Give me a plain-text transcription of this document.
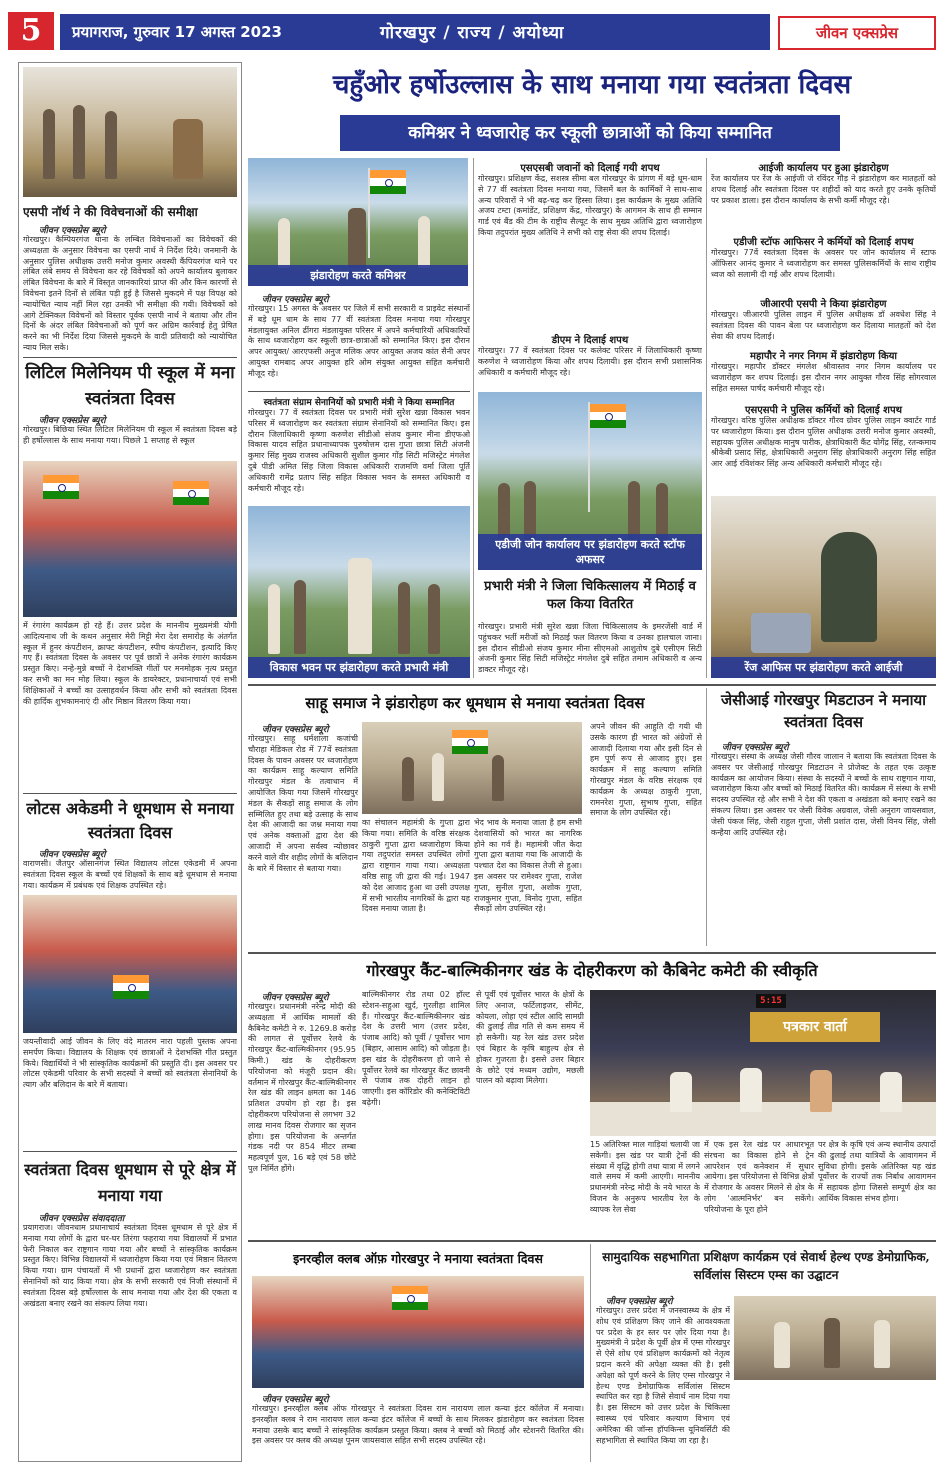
5	प्रयागराज, गुरुवार 17 अगस्त 2023	गोरखपुर / राज्य / अयोध्या	जीवन एक्सप्रेस
एसपी नॉर्थ ने की विवेचनाओं की समीक्षा
जीवन एक्सप्रेस ब्यूरो
गोरखपुर। कैम्पियरगंज थाना के लम्बित विवेचनाओं का विवेचकों की अध्यक्षता के अनुसार विवेचना का एसपी नार्थ ने निर्देश दिये। जनमानी के अनुसार पुलिस अधीक्षक उत्तरी मनोज कुमार अवस्थी कैंपियरगंज थाने पर लंबित लंबे समय से विवेचना कर रहे विवेचकों को अपने कार्यालय बुलाकर लंबित विवेचना के बारे में विस्तृत जानकारियां प्राप्त की और किन कारणों से विवेचना इतने दिनों से लंबित पड़ी हुई है जिससे मुकदमे में पक्ष विपक्ष को न्यायोचित न्याय नहीं मिल रहा उनकी भी समीक्षा की गयी। विवेचकों को आगे टेक्निकल विवेचनों को विस्तार पूर्वक एसपी नार्थ ने बताया और तीन दिनों के अंदर लंबित विवेचनाओं को पूर्ण कर अग्रिम कार्रवाई हेतु प्रेषित करने का भी निर्देश दिया जिससे मुकदमे के वादी प्रतिवादी को न्यायोचित न्याय मिल सके।
लिटिल मिलेनियम पी स्कूल में मना स्वतंत्रता दिवस
जीवन एक्सप्रेस ब्यूरो
गोरखपुर। बिछिया स्थित लिटिल मिलेनियम पी स्कूल में स्वतंत्रता दिवस बड़े ही हर्षोल्लास के साथ मनाया गया। पिछले 1 सप्ताह से स्कूल
में रंगारंग कार्यक्रम हो रहे हैं। उत्तर प्रदेश के माननीय मुख्यमंत्री योगी आदित्यनाथ जी के कथन अनुसार मेरी मिट्टी मेरा देश समारोह के अंतर्गत स्कूल में हुनर कंपटीशन, क्राफ्ट कंपटीशन, स्पीच कंपटीशन, इत्यादि किए गए हैं। स्वतंत्रता दिवस के अवसर पर पूर्व छात्रों ने अनेक रंगारंग कार्यक्रम प्रस्तुत किए। नन्हे-मुन्ने बच्चों ने देशभक्ति गीतों पर मनमोहक नृत्य प्रस्तुत कर सभी का मन मोह लिया। स्कूल के डायरेक्टर, प्रधानाचार्या एवं सभी शिक्षिकाओं ने बच्चों का उत्साहवर्धन किया और सभी को स्वतंत्रता दिवस की हार्दिक शुभकामनाएं दी और मिष्ठान वितरण किया गया।
लोटस अकेडमी ने धूमधाम से मनाया स्वतंत्रता दिवस
जीवन एक्सप्रेस ब्यूरो
वाराणसी। जैतपुर ऑसानगंज स्थित विद्यालय लोटस एकेडमी में अपना स्वतंत्रता दिवस स्कूल के बच्चों एवं शिक्षकों के साथ बड़े धूमधाम से मनाया गया। कार्यक्रम में प्रबंधक एवं शिक्षक उपस्थित रहे।
जयन्तीवादी आई जीवन के लिए वंदे मातरम नारा पहली पुस्तक अपना समर्पण किया। विद्यालय के शिक्षक एवं छात्राओं ने देशभक्ति गीत प्रस्तुत किये। विद्यार्थियों ने भी सांस्कृतिक कार्यक्रमों की प्रस्तुति दी। इस अवसर पर लोटस एकेडमी परिवार के सभी सदस्यों ने बच्चों को स्वतंत्रता सेनानियों के त्याग और बलिदान के बारे में बताया।
स्वतंत्रता दिवस धूमधाम से पूरे क्षेत्र में मनाया गया
जीवन एक्सप्रेस संवाददाता
प्रयागराज। जीवनधाम प्रधानाचार्य स्वतंत्रता दिवस धूमधाम से पूरे क्षेत्र में मनाया गया लोगों के द्वारा घर-घर तिरंगा फहराया गया विद्यालयों में प्रभात फेरी निकाल कर राष्ट्रगान गाया गया और बच्चों ने सांस्कृतिक कार्यक्रम प्रस्तुत किए। विभिन्न विद्यालयों में ध्वजारोहण किया गया एवं मिष्ठान वितरण किया गया। ग्राम पंचायतों में भी प्रधानों द्वारा ध्वजारोहण कर स्वतंत्रता सेनानियों को याद किया गया। क्षेत्र के सभी सरकारी एवं निजी संस्थानों में स्वतंत्रता दिवस बड़े हर्षोल्लास के साथ मनाया गया और देश की एकता व अखंडता बनाए रखने का संकल्प लिया गया।
चहुँओर हर्षोउल्लास के साथ मनाया गया स्वतंत्रता दिवस
कमिश्नर ने ध्वजारोह कर स्कूली छात्राओं को किया सम्मानित
झंडारोहण करते कमिश्नर
जीवन एक्सप्रेस ब्यूरो
गोरखपुर। 15 अगस्त के अवसर पर जिले में सभी सरकारी व प्राइवेट संस्थानों में बड़े धूम धाम के साथ 77 वीं स्वतंत्रता दिवस मनाया गया गोरखपुर मंडलायुक्त अनिल ढींगरा मंडलायुक्त परिसर में अपने कर्मचारियों अधिकारियों के साथ ध्वजारोहण कर स्कूली छात्र-छात्राओं को सम्मानित किए। इस दौरान अपर आयुक्त/ आरएफसी अनुज मलिक अपर आयुक्त अजय कांत सैनी अपर आयुक्त रामबाद अपर आयुक्त हरि ओम संयुक्त आयुक्त सहित कर्मचारी मौजूद रहे।
स्वतंत्रता संग्राम सेनानियों को प्रभारी मंत्री ने किया सम्मानित
गोरखपुर। 77 वें स्वतंत्रता दिवस पर प्रभारी मंत्री सुरेश खन्ना विकास भवन परिसर में ध्वजारोहण कर स्वतंत्रता संग्राम सेनानियों को सम्मानित किए। इस दौरान जिलाधिकारी कृष्णा करुणेश सीडीओ संजय कुमार मीना डीएफओ विकास यादव सहित प्रधानाध्यापक पुरुषोत्तम दास गुप्ता छात्रा सिटी अंजनी कुमार सिंह मुख्य राजस्व अधिकारी सुशील कुमार गोंड़ सिटी मजिस्ट्रेट मंगलेश दुबे पीडी अमित सिंह जिला विकास अधिकारी राजमणि वर्मा जिला पूर्ति अधिकारी रामेंद्र प्रताप सिंह सहित विकास भवन के समस्त अधिकारी व कर्मचारी मौजूद रहे।
विकास भवन पर झंडारोहण करते प्रभारी मंत्री
एसएसबी जवानों को दिलाई गयी शपथ
गोरखपुर। प्रशिक्षण केंद्र, सशस्त्र सीमा बल गोरखपुर के प्रांगण में बड़े धूम-धाम से 77 वीं स्वतंत्रता दिवस मनाया गया, जिसमें बल के कार्मिकों ने साथ-साथ अन्य परिवारों ने भी बढ़-चढ़ कर हिस्सा लिया। इस कार्यक्रम के मुख्य अतिथि अजय टम्टा (कमांडेंट, प्रशिक्षण केंद्र, गोरखपुर) के आगमन के साथ ही सम्मान गार्ड एवं बैंड की टीम के राष्ट्रीय सैल्यूट के साथ मुख्य अतिथि द्वारा ध्वजारोहण किया तदुपरांत मुख्य अतिथि ने सभी को राष्ट्र सेवा की शपथ दिलाई।
डीएम ने दिलाई शपथ
गोरखपुर। 77 वें स्वतंत्रता दिवस पर कलेक्ट परिसर में जिलाधिकारी कृष्णा करुणेश ने ध्वजारोहण किया और शपथ दिलायी। इस दौरान सभी प्रशासनिक अधिकारी व कर्मचारी मौजूद रहे।
एडीजी जोन कार्यालय पर झंडारोहण करते स्टॉफ अफसर
प्रभारी मंत्री ने जिला चिकित्सालय में मिठाई व फल किया वितरित
गोरखपुर। प्रभारी मंत्री सुरेश खन्ना जिला चिकित्सालय के इमरजेंसी वार्ड में पहुंचकर भर्ती मरीजों को मिठाई फल वितरण किया व उनका हालचाल जाना। इस दौरान सीडीओ संजय कुमार मीना सीएमओ आशुतोष दुबे एसीएम सिटी अंजनी कुमार सिंह सिटी मजिस्ट्रेट मंगलेश दुबे सहित तमाम अधिकारी व अन्य डाक्टर मौजूद रहे।
आईजी कार्यालय पर हुआ झंडारोहण
रेंज कार्यालय पर रेंज के आईजी जे रविंदर गौड़ ने झंडारोहण कर मातहतों को शपथ दिलाई और स्वतंत्रता दिवस पर शहीदों को याद करते हुए उनके कृतियों पर प्रकाश डाला। इस दौरान कार्यालय के सभी कर्मी मौजूद रहे।
एडीजी स्टॉफ आफिसर ने कर्मियों को दिलाई शपथ
गोरखपुर। 77वें स्वतंत्रता दिवस के अवसर पर जोन कार्यालय में स्टाफ ऑफिसर आनंद कुमार ने ध्वजारोहण कर समस्त पुलिसकर्मियों के साथ राष्ट्रीय ध्वज को सलामी दी गई और शपथ दिलायी।
जीआरपी एसपी ने किया झंडारोहण
गोरखपुर। जीआरपी पुलिस लाइन में पुलिस अधीक्षक डॉ अवधेश सिंह ने स्वतंत्रता दिवस की पावन बेला पर ध्वजारोहण कर दिलाया मातहतों को देश सेवा की शपथ दिलाई।
महापौर ने नगर निगम में झंडारोहण किया
गोरखपुर। महापौर डॉक्टर मंगलेश श्रीवास्तव नगर निगम कार्यालय पर ध्वजारोहण कर शपथ दिलाई। इस दौरान नगर आयुक्त गौरव सिंह सोगरवाल सहित समस्त पार्षद कर्मचारी मौजूद रहे।
एसएसपी ने पुलिस कर्मियों को दिलाई शपथ
गोरखपुर। वरिष्ठ पुलिस अधीक्षक डॉक्टर गौरव ग्रोवर पुलिस लाइन क्वार्टर गार्ड पर ध्वजारोहण किया। इस दौरान पुलिस अधीक्षक उत्तरी मनोज कुमार अवस्थी, सहायक पुलिस अधीक्षक मानुष पारीक, क्षेत्राधिकारी कैंट योगेंद्र सिंह, रतन्कमाय श्रीकेबी प्रसाद सिंह, क्षेत्राधिकारी अनुराग सिंह क्षेत्राधिकारी अनुराग सिंह सहित आर आई रविशंकर सिंह अन्य अधिकारी कर्मचारी मौजूद रहे।
रेंज आफिस पर झंडारोहण करते आईजी
साहू समाज ने झंडारोहण कर धूमधाम से मनाया स्वतंत्रता दिवस
जीवन एक्सप्रेस ब्यूरो
गोरखपुर। साहू धर्मशाला कजांची चौराहा मेडिकल रोड में 77वें स्वतंत्रता दिवस के पावन अवसर पर ध्वजारोहण का कार्यक्रम साहू कल्याण समिति गोरखपुर मंडल के तत्वाधान में आयोजित किया गया जिसमें गोरखपुर मंडल के सैकड़ों साहू समाज के लोग सम्मिलित हुए तथा बड़े उत्साह के साथ देश की आजादी का जश्न मनाया गया एवं अनेक वक्ताओं द्वारा देश की आजादी में अपना सर्वस्व न्योछावर करने वाले वीर शहीद लोगों के बलिदान के बारे में विस्तार से बताया गया।
का संचालन महामंत्री के गुप्ता द्वारा किया गया। समिति के वरिष्ठ संरक्षक ठाकुरी गुप्ता द्वारा ध्वजारोहण किया गया तदुपरांत समस्त उपस्थित लोगों द्वारा राष्ट्रगान गाया गया। अध्यक्षता वरिष्ठ साहू जी द्वारा की गई। 1947 को देश आजाद हुआ था उसी उपलक्ष में सभी भारतीय नागरिकों के द्वारा यह दिवस मनाया जाता है।
भेद भाव के मनाया जाता है हम सभी देशवासियों को भारत का नागरिक होने का गर्व है। महामंत्री जीत केदा गुप्ता द्वारा बताया गया कि आजादी के पश्चात देश का विकास तेजी से हुआ। इस अवसर पर रामेश्वर गुप्ता, राजेश गुप्ता, सुनील गुप्ता, अशोक गुप्ता, राजकुमार गुप्ता, विनोद गुप्ता, सहित सैकड़ों लोग उपस्थित रहे।
अपने जीवन की आहुति दी गयी थी उसके कारण ही भारत को अंग्रेजों से आजादी दिलाया गया और इसी दिन से हम पूर्ण रूप से आजाद हुए। इस कार्यक्रम में साहू कल्याण समिति गोरखपुर मंडल के वरिष्ठ संरक्षक एवं कार्यक्रम के अध्यक्ष ठाकुरी गुप्ता, रामनरेश गुप्ता, सुभाष गुप्ता, सहित समाज के लोग उपस्थित रहे।
जेसीआई गोरखपुर मिडटाउन ने मनाया स्वतंत्रता दिवस
जीवन एक्सप्रेस ब्यूरो
गोरखपुर। संस्था के अध्यक्ष जेसी गौरव जालान ने बताया कि स्वतंत्रता दिवस के अवसर पर जेसीआई गोरखपुर मिडटाउन ने प्रोजेक्ट के तहत एक उत्कृष्ट कार्यक्रम का आयोजन किया। संस्था के सदस्यों ने बच्चों के साथ राष्ट्रगान गाया, ध्वजारोहण किया और बच्चों को मिठाई वितरित की। कार्यक्रम में संस्था के सभी सदस्य उपस्थित रहे और सभी ने देश की एकता व अखंडता को बनाए रखने का संकल्प लिया। इस अवसर पर जेसी विवेक अग्रवाल, जेसी अनुराग जायसवाल, जेसी पंकज सिंह, जेसी राहुल गुप्ता, जेसी प्रशांत दास, जेसी विनय सिंह, जेसी कन्हैया आदि उपस्थित रहे।
गोरखपुर कैंट-बाल्मिकीनगर खंड के दोहरीकरण को कैबिनेट कमेटी की स्वीकृति
जीवन एक्सप्रेस ब्यूरो
गोरखपुर। प्रधानमंत्री नरेन्द्र मोदी की अध्यक्षता में आर्थिक मामलों की कैबिनेट कमेटी ने रु. 1269.8 करोड़ की लागत से पूर्वोत्तर रेलवे के गोरखपुर कैंट-बाल्मिकीनगर (95.95 किमी.) खंड के दोहरीकरण परियोजना को मंजूरी प्रदान की। वर्तमान में गोरखपुर कैंट-बाल्मिकीनगर रेल खंड की लाइन क्षमता का 146 प्रतिशत उपयोग हो रहा है। इस दोहरीकरण परियोजना से लगभग 32 लाख मानव दिवस रोजगार का सृजन होगा। इस परियोजना के अन्तर्गत गंडक नदी पर 854 मीटर लम्बा महत्वपूर्ण पुल, 16 बड़े एवं 58 छोटे पुल निर्मित होंगे।
बाल्मिकीनगर रोड तथा 02 हॉल्ट स्टेशन-सहुआ खुर्द, गुरलीहा शामिल हैं। गोरखपुर कैंट-बाल्मिकीनगर खंड देश के उत्तरी भाग (उत्तर प्रदेश, पंजाब आदि) को पूर्वी / पूर्वोत्तर भाग (बिहार, आसाम आदि) को जोड़ता है। इस खंड के दोहरीकरण हो जाने से पूर्वोत्तर रेलवे का गोरखपुर कैंट छावनी से पंजाब तक दोहरी लाइन हो जाएगी। इस कॉरिडोर की कनेक्टिविटी बढ़ेगी।
से पूर्वी एवं पूर्वोत्तर भारत के क्षेत्रों के लिए अनाज, फर्टिलाइजर, सीमेंट, कोयला, लोहा एवं स्टील आदि सामग्री की ढुलाई तीव्र गति से कम समय में हो सकेगी। यह रेल खंड उत्तर प्रदेश एवं बिहार के कृषि बाहुल्य क्षेत्र से होकर गुजरता है। इससे उत्तर बिहार के छोटे एवं मध्यम उद्योग, मछली पालन को बढ़ावा मिलेगा।
पत्रकार वार्ता
5:15
15 अतिरिक्त माल गाड़ियां चलायी जा सकेगी। इस खंड पर यात्री ट्रेनों की संख्या में वृद्धि होगी तथा यात्रा में लगने वाले समय में कमी आएगी। माननीय प्रधानमंत्री नरेन्द्र मोदी के नये भारत के विजन के अनुरूप भारतीय रेल के व्यापक रेल सेवा
में एक इस रेल खंड पर आधारभूत संरचना का विकास होने से ट्रेन आपरेशन एवं कनेक्शन में सुधार आयेगा। इस परियोजना से विभिन्न क्षेत्रों में रोजगार के अवसर मिलने से क्षेत्र के लोग 'आत्मनिर्भर' बन सकेंगे। परियोजना के पूरा होने
पर क्षेत्र के कृषि एवं अन्य स्थानीय उत्पादों की ढुलाई तथा यात्रियों के आवागमन में सुविधा होगी। इसके अतिरिक्त यह खंड पूर्वोत्तर के राज्यों तक निर्बाध आवागमन में सहायक होगा जिससे सम्पूर्ण क्षेत्र का आर्थिक विकास संभव होगा।
इनरव्हील क्लब ऑफ़ गोरखपुर ने मनाया स्वतंत्रता दिवस
जीवन एक्सप्रेस ब्यूरो
गोरखपुर। इनरव्हील क्लब ऑफ गोरखपुर ने स्वतंत्रता दिवस राम नारायण लाल कन्या इंटर कॉलेज में मनाया। इनरव्हील क्लब ने राम नारायण लाल कन्या इंटर कॉलेज में बच्चों के साथ मिलकर झंडारोहण कर स्वतंत्रता दिवस मनाया उसके बाद बच्चों ने सांस्कृतिक कार्यक्रम प्रस्तुत किया। क्लब ने बच्चों को मिठाई और स्टेशनरी वितरित की। इस अवसर पर क्लब की अध्यक्ष पूनम जायसवाल सहित सभी सदस्य उपस्थित रहे।
सामुदायिक सहभागिता प्रशिक्षण कार्यक्रम एवं सेवार्थ हेल्थ एण्ड डेमोग्राफिक, सर्विलांस सिस्टम एम्स का उद्घाटन
जीवन एक्सप्रेस ब्यूरो
गोरखपुर। उत्तर प्रदेश में जनस्वास्थ्य के क्षेत्र में शोध एवं प्रशिक्षण किए जाने की आवश्यकता पर प्रदेश के हर स्तर पर ज़ोर दिया गया है। मुख्यमंत्री ने प्रदेश के पूर्वी क्षेत्र में एम्स गोरखपुर से ऐसे शोध एवं प्रशिक्षण कार्यक्रमों को नेतृत्व प्रदान करने की अपेक्षा व्यक्त की है। इसी अपेक्षा को पूर्ण करने के लिए एम्स गोरखपुर ने हेल्थ एण्ड डेमोग्राफिक सर्विलांस सिस्टम स्थापित कर रहा है जिसे सेवार्थ नाम दिया गया है। इस सिस्टम को उत्तर प्रदेश के चिकित्सा स्वास्थ्य एवं परिवार कल्याण विभाग एवं अमेरिका की जॉन्स हॉपकिन्स यूनिवर्सिटी की सहभागिता से स्थापित किया जा रहा है।
